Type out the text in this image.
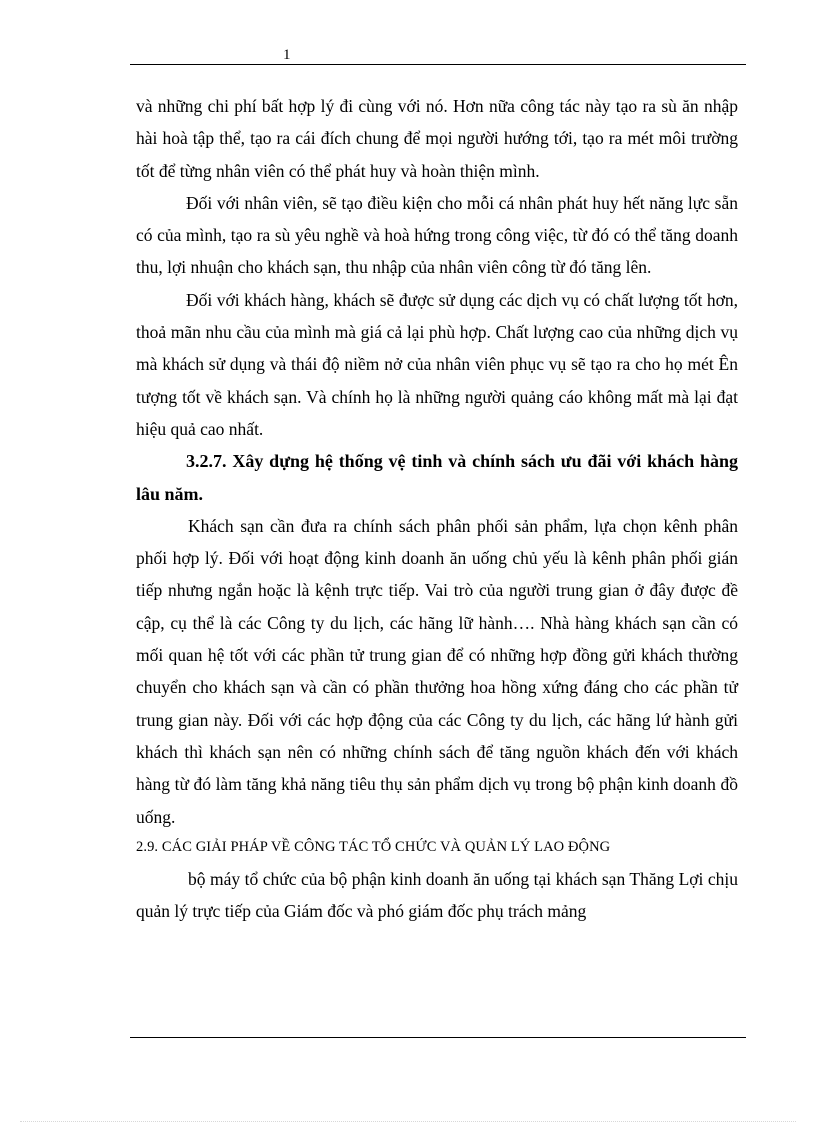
1

và những chi phí bất hợp lý đi cùng với nó. Hơn nữa công tác này tạo ra sù ăn nhập hài hoà tập thể, tạo ra cái đích chung để mọi người hướng tới, tạo ra mét môi trường tốt để từng nhân viên có thể phát huy và hoàn thiện mình.

Đối với nhân viên, sẽ tạo điều kiện cho mỗi cá nhân phát huy hết năng lực sẵn có của mình, tạo ra sù yêu nghề và hoà hứng trong công việc, từ đó có thể tăng doanh thu, lợi nhuận cho khách sạn, thu nhập của nhân viên công từ đó tăng lên.

Đối với khách hàng, khách sẽ được sử dụng các dịch vụ có chất lượng tốt hơn, thoả mãn nhu cầu của mình mà giá cả lại phù hợp. Chất lượng cao của những dịch vụ mà khách sử dụng và thái độ niềm nở của nhân viên phục vụ sẽ tạo ra cho họ mét Ên tượng tốt về khách sạn. Và chính họ là những người quảng cáo không mất mà lại đạt hiệu quả cao nhất.

3.2.7. Xây dựng hệ thống vệ tinh và chính sách ưu đãi với khách hàng lâu năm.

Khách sạn cần đưa ra chính sách phân phối sản phẩm, lựa chọn kênh phân phối hợp lý. Đối với hoạt động kinh doanh ăn uống chủ yếu là kênh phân phối gián tiếp nhưng ngắn hoặc là kệnh trực tiếp. Vai trò của người trung gian ở đây được đề cập, cụ thể là các Công ty du lịch, các hãng lữ hành…. Nhà hàng khách sạn cần có mối quan hệ tốt với các phần tử trung gian để có những hợp đồng gửi khách thường chuyển cho khách sạn và cần có phần thưởng hoa hồng xứng đáng cho các phần tử trung gian này. Đối với các hợp động của các Công ty du lịch, các hãng lứ hành gửi khách thì khách sạn nên có những chính sách để tăng nguồn khách đến với khách hàng từ đó làm tăng khả năng tiêu thụ sản phẩm dịch vụ trong bộ phận kinh doanh đồ uống.

2.9. CÁC GIẢI PHÁP VỀ CÔNG TÁC TỔ CHỨC VÀ QUẢN LÝ LAO ĐỘNG

bộ máy tổ chức của bộ phận kinh doanh ăn uống tại khách sạn Thăng Lợi chịu quản lý trực tiếp của Giám đốc và phó giám đốc phụ trách mảng
